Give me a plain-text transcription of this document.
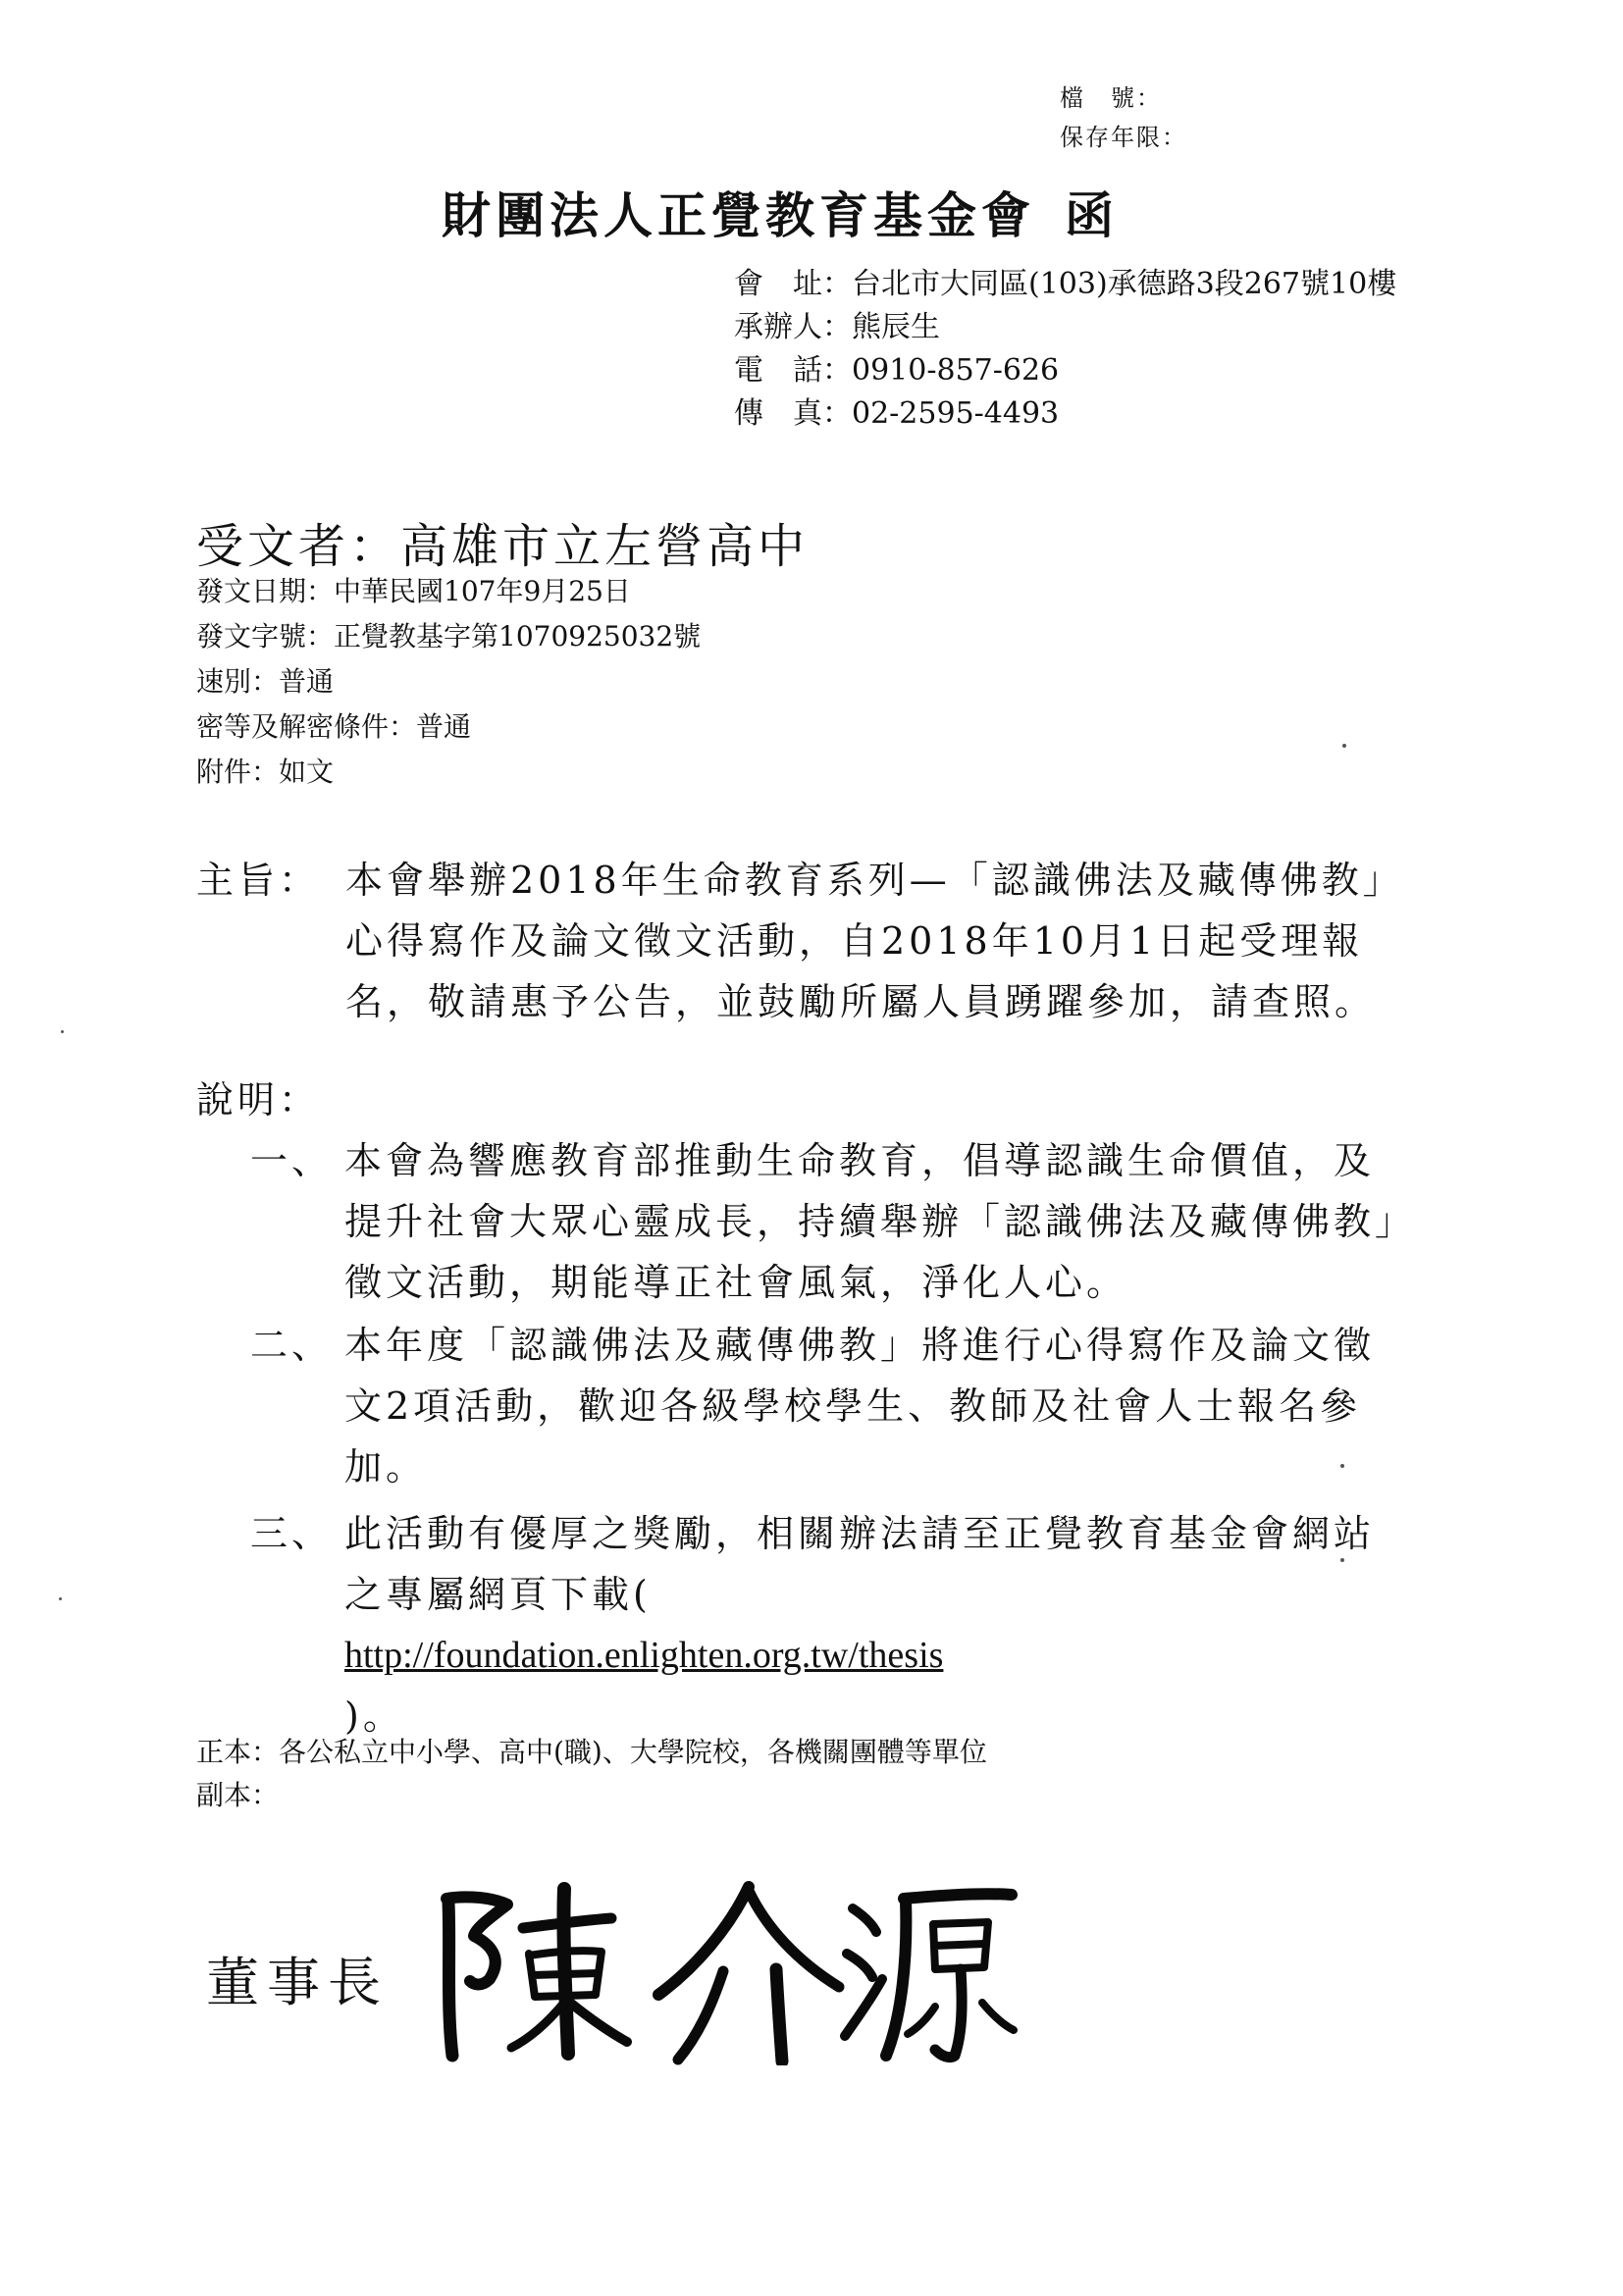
檔　號：
保存年限：
財團法人正覺教育基金會 函
會　址 ： 台北市大同區(103)承德路3段267號10樓
承辦人 ： 熊辰生
電　話 ： 0910-857-626
傳　真 ： 02-2595-4493
受文者：高雄市立左營高中
發文日期：中華民國107年9月25日
發文字號：正覺教基字第1070925032號
速別：普通
密等及解密條件：普通
附件：如文
主旨： 本會舉辦2018年生命教育系列—「認識佛法及藏傳佛教」
心得寫作及論文徵文活動，自2018年10月1日起受理報
名，敬請惠予公告，並鼓勵所屬人員踴躍參加，請查照。
說明：
一、 本會為響應教育部推動生命教育，倡導認識生命價值，及
提升社會大眾心靈成長，持續舉辦「認識佛法及藏傳佛教」
徵文活動，期能導正社會風氣，淨化人心。
二、 本年度「認識佛法及藏傳佛教」將進行心得寫作及論文徵
文2項活動，歡迎各級學校學生、教師及社會人士報名參
加。
三、 此活動有優厚之獎勵，相關辦法請至正覺教育基金會網站
之專屬網頁下載(
http://foundation.enlighten.org.tw/thesis
)。
正本：各公私立中小學、高中(職)、大學院校，各機關團體等單位
副本：
董事長
